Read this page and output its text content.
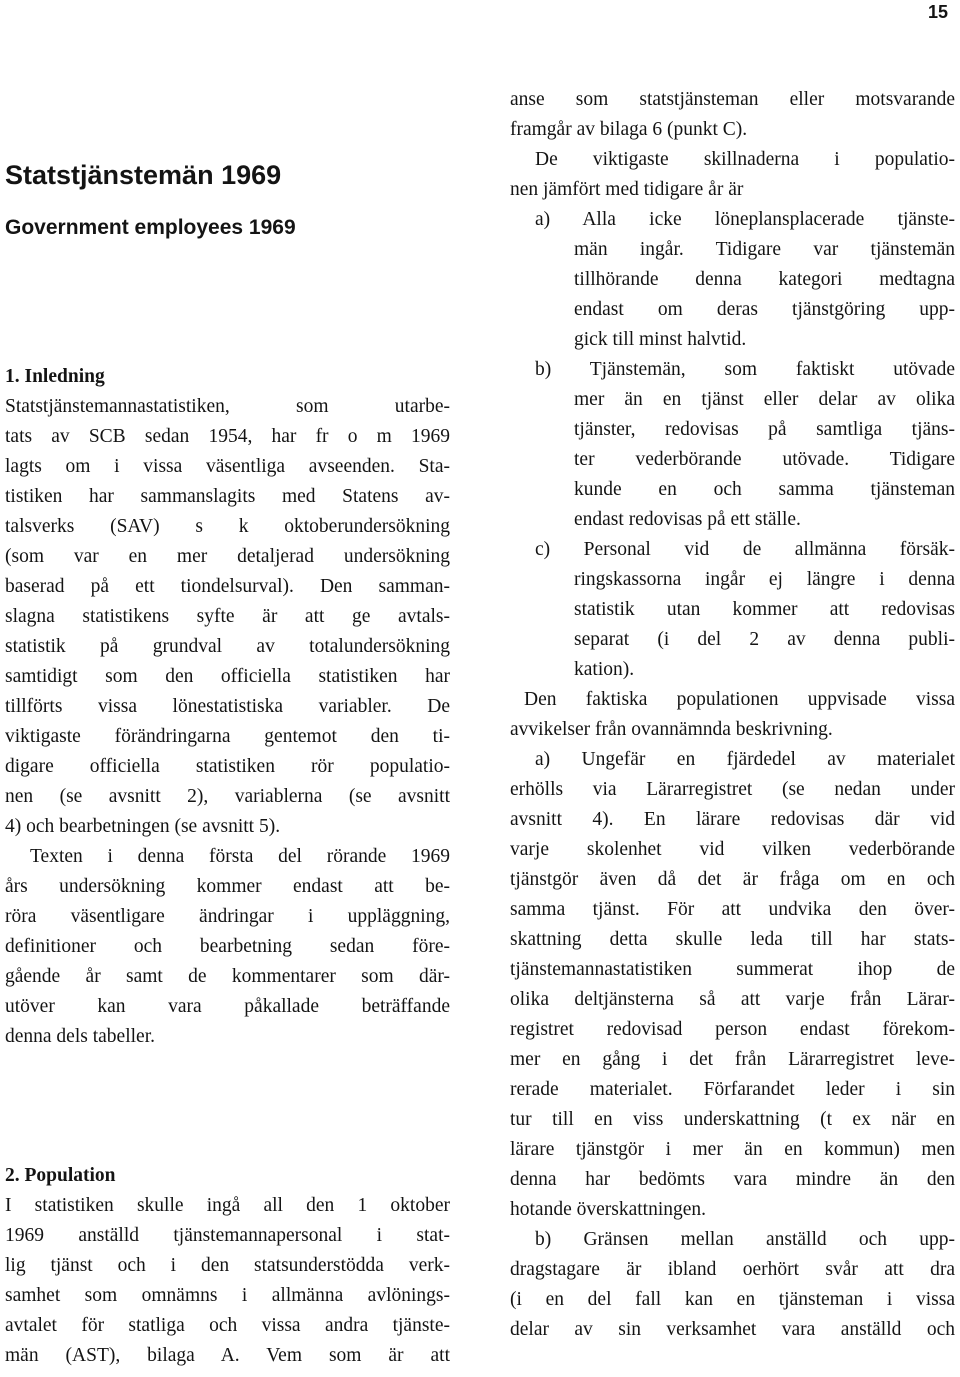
15
Statstjänstemän 1969
Government employees 1969
1. Inledning
Statstjänstemannastatistiken, som utarbe-
tats av SCB sedan 1954, har fr o m 1969
lagts om i vissa väsentliga avseenden. Sta-
tistiken har sammanslagits med Statens av-
talsverks (SAV) s k oktoberundersökning
(som var en mer detaljerad undersökning
baserad på ett tiondelsurval). Den samman-
slagna statistikens syfte är att ge avtals-
statistik på grundval av totalundersökning
samtidigt som den officiella statistiken har
tillförts vissa lönestatistiska variabler. De
viktigaste förändringarna gentemot den ti-
digare officiella statistiken rör populatio-
nen (se avsnitt 2), variablerna (se avsnitt
4) och bearbetningen (se avsnitt 5).
Texten i denna första del rörande 1969
års undersökning kommer endast att be-
röra väsentligare ändringar i uppläggning,
definitioner och bearbetning sedan före-
gående år samt de kommentarer som där-
utöver kan vara påkallade beträffande
denna dels tabeller.
2. Population
I statistiken skulle ingå all den 1 oktober
1969 anställd tjänstemannapersonal i stat-
lig tjänst och i den statsunderstödda verk-
samhet som omnämns i allmänna avlönings-
avtalet för statliga och vissa andra tjänste-
män (AST), bilaga A. Vem som är att
anse som statstjänsteman eller motsvarande
framgår av bilaga 6 (punkt C).
De viktigaste skillnaderna i populatio-
nen jämfört med tidigare år är
a) Alla icke löneplansplacerade tjänste-
män ingår. Tidigare var tjänstemän
tillhörande denna kategori medtagna
endast om deras tjänstgöring upp-
gick till minst halvtid.
b) Tjänstemän, som faktiskt utövade
mer än en tjänst eller delar av olika
tjänster, redovisas på samtliga tjäns-
ter vederbörande utövade. Tidigare
kunde en och samma tjänsteman
endast redovisas på ett ställe.
c) Personal vid de allmänna försäk-
ringskassorna ingår ej längre i denna
statistik utan kommer att redovisas
separat (i del 2 av denna publi-
kation).
Den faktiska populationen uppvisade vissa
avvikelser från ovannämnda beskrivning.
a) Ungefär en fjärdedel av materialet
erhölls via Lärarregistret (se nedan under
avsnitt 4). En lärare redovisas där vid
varje skolenhet vid vilken vederbörande
tjänstgör även då det är fråga om en och
samma tjänst. För att undvika den över-
skattning detta skulle leda till har stats-
tjänstemannastatistiken summerat ihop de
olika deltjänsterna så att varje från Lärar-
registret redovisad person endast förekom-
mer en gång i det från Lärarregistret leve-
rerade materialet. Förfarandet leder i sin
tur till en viss underskattning (t ex när en
lärare tjänstgör i mer än en kommun) men
denna har bedömts vara mindre än den
hotande överskattningen.
b) Gränsen mellan anställd och upp-
dragstagare är ibland oerhört svår att dra
(i en del fall kan en tjänsteman i vissa
delar av sin verksamhet vara anställd och
